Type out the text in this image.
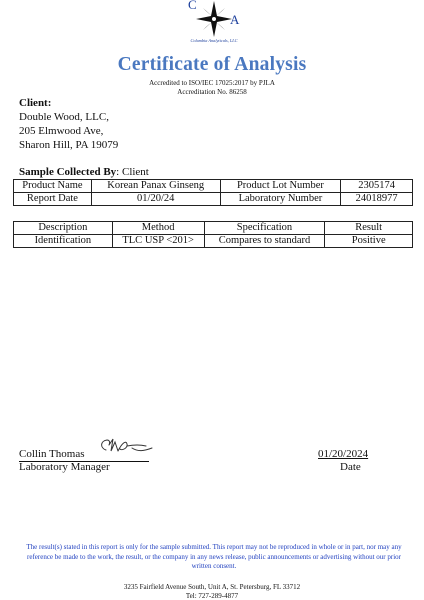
C
A
Columbia Analyticals, LLC
Certificate of Analysis
Accredited to ISO/IEC 17025:2017 by PJLA
Accreditation No. 86258
Client:
Double Wood, LLC,
205 Elmwood Ave,
Sharon Hill, PA 19079
Sample Collected By: Client
Product Name	Korean Panax Ginseng	Product Lot Number	2305174
Report Date	01/20/24	Laboratory Number	24018977
Description	Method	Specification	Result
Identification	TLC USP <201>	Compares to standard	Positive
Collin Thomas
Laboratory Manager
01/20/2024
Date
The result(s) stated in this report is only for the sample submitted. This report may not be reproduced in whole or in part, nor may any reference be made to the work, the result, or the company in any news release, public announcements or advertising without our prior written consent.
3235 Fairfield Avenue South, Unit A, St. Petersburg, FL 33712
Tel: 727-289-4877
